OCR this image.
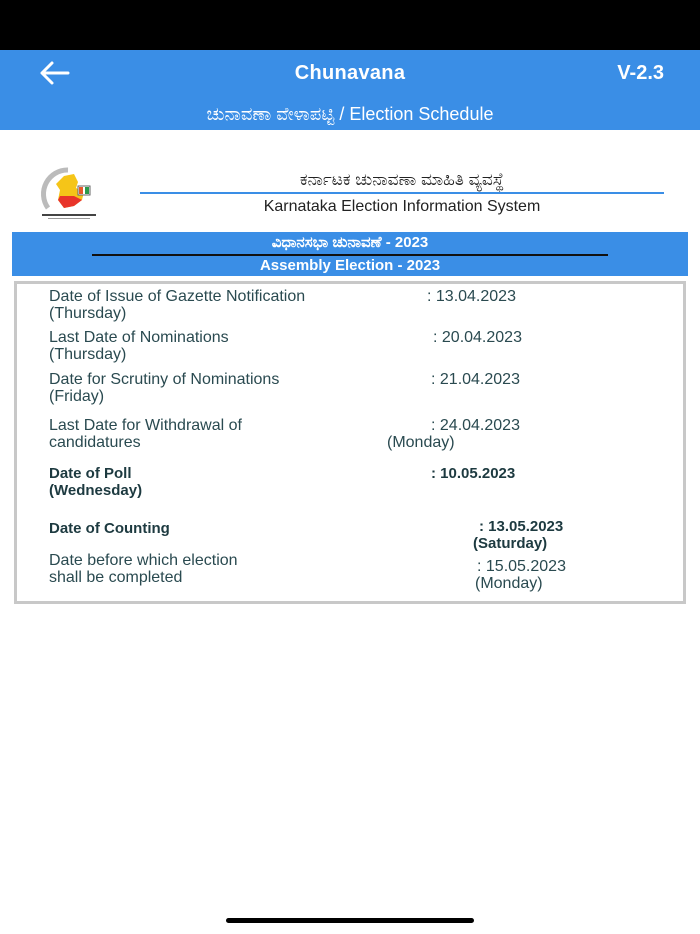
Chunavana	V-2.3
ಚುನಾವಣಾ ವೇಳಾಪಟ್ಟಿ / Election Schedule
ಕರ್ನಾಟಕ ಚುನಾವಣಾ ಮಾಹಿತಿ ವ್ಯವಸ್ಥೆ
Karnataka Election Information System
ವಿಧಾನಸಭಾ ಚುನಾವಣೆ - 2023
Assembly Election - 2023
Date of Issue of Gazette Notification
(Thursday)
: 13.04.2023
Last Date of Nominations
(Thursday)
: 20.04.2023
Date for Scrutiny of Nominations
(Friday)
: 21.04.2023
Last Date for Withdrawal of
candidatures
: 24.04.2023
(Monday)
Date of Poll
(Wednesday)
: 10.05.2023
Date of Counting	: 13.05.2023
(Saturday)
Date before which election
shall be completed
: 15.05.2023
(Monday)
